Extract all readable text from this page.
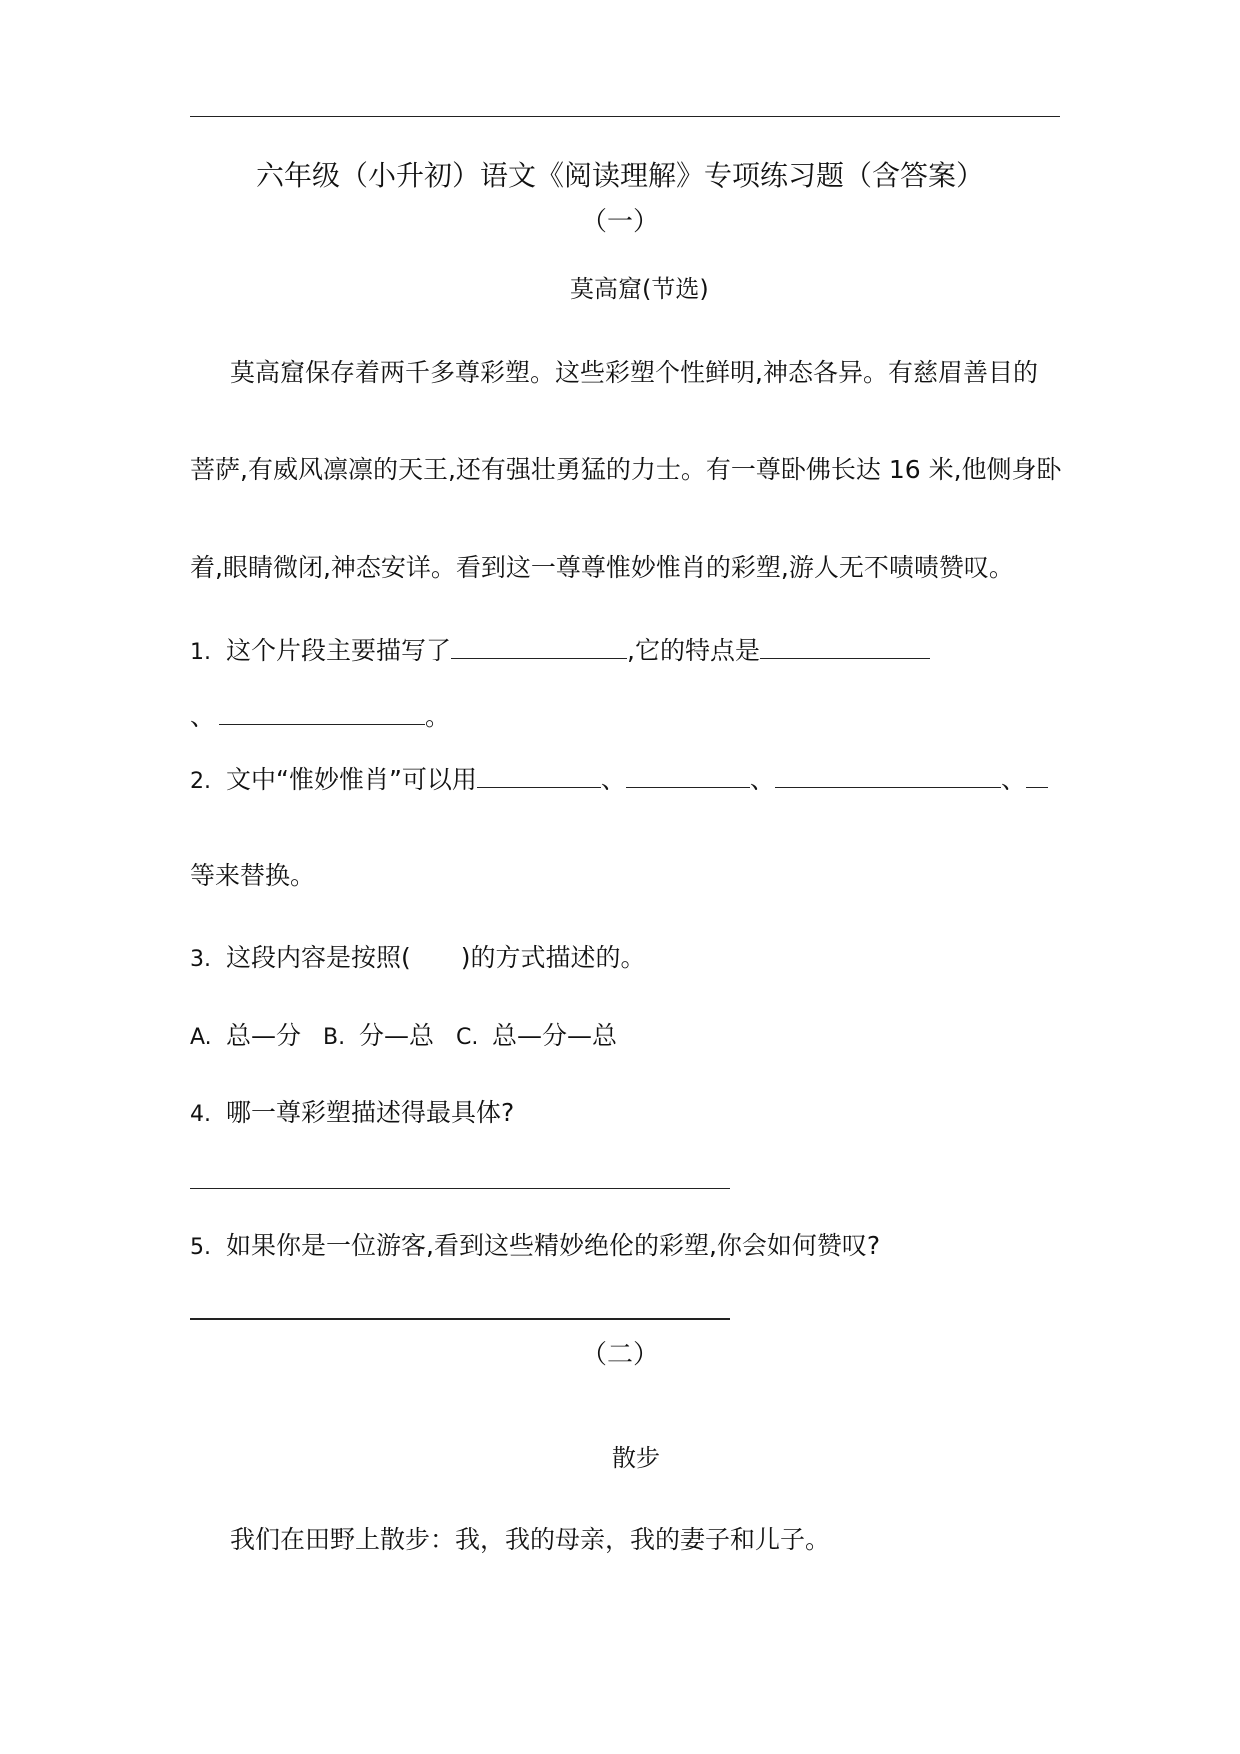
六年级（小升初）语文《阅读理解》专项练习题（含答案）
（一）
莫高窟(节选)
莫高窟保存着两千多尊彩塑。这些彩塑个性鲜明,神态各异。有慈眉善目的
菩萨,有威风凛凛的天王,还有强壮勇猛的力士。有一尊卧佛长达 16 米,他侧身卧
着,眼睛微闭,神态安详。看到这一尊尊惟妙惟肖的彩塑,游人无不啧啧赞叹。
1. 这个片段主要描写了	,它的特点是
、	。
2. 文中“惟妙惟肖”可以用	、	、	、
等来替换。
3. 这段内容是按照(　　)的方式描述的。
A. 总—分 B. 分—总 C. 总—分—总
4. 哪一尊彩塑描述得最具体?
5. 如果你是一位游客,看到这些精妙绝伦的彩塑,你会如何赞叹?
（二）
散步
我们在田野上散步：我，我的母亲，我的妻子和儿子。
